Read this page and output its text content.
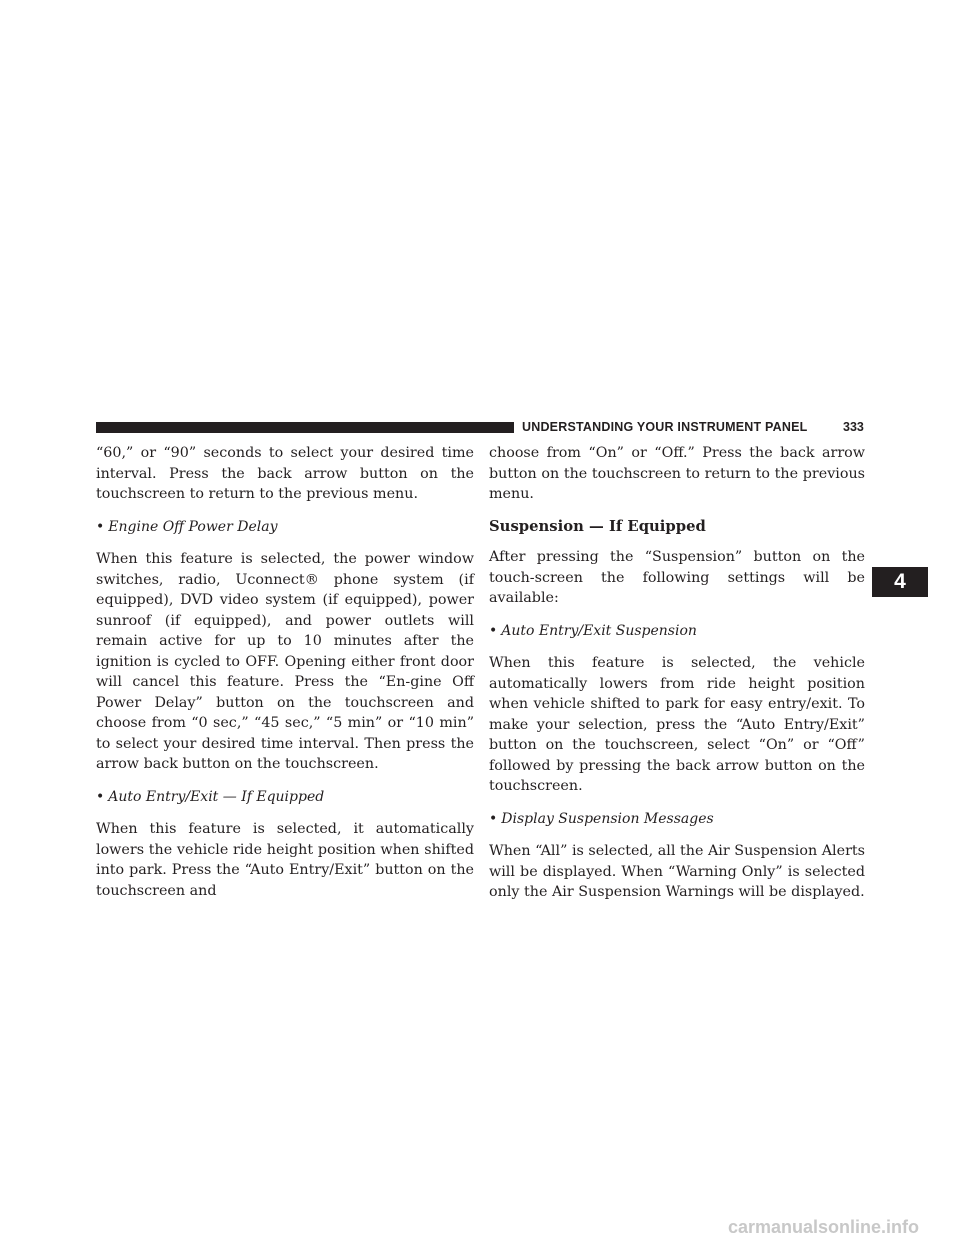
UNDERSTANDING YOUR INSTRUMENT PANEL	333

“60,” or “90” seconds to select your desired time interval. Press the back arrow button on the touchscreen to return to the previous menu.

• Engine Off Power Delay

When this feature is selected, the power window switches, radio, Uconnect® phone system (if equipped), DVD video system (if equipped), power sunroof (if equipped), and power outlets will remain active for up to 10 minutes after the ignition is cycled to OFF. Opening either front door will cancel this feature. Press the “En-gine Off Power Delay” button on the touchscreen and choose from “0 sec,” “45 sec,” “5 min” or “10 min” to select your desired time interval. Then press the arrow back button on the touchscreen.

• Auto Entry/Exit — If Equipped

When this feature is selected, it automatically lowers the vehicle ride height position when shifted into park. Press the “Auto Entry/Exit” button on the touchscreen and

choose from “On” or “Off.” Press the back arrow button on the touchscreen to return to the previous menu.

Suspension — If Equipped

After pressing the “Suspension” button on the touch-screen the following settings will be available:

• Auto Entry/Exit Suspension

When this feature is selected, the vehicle automatically lowers from ride height position when vehicle shifted to park for easy entry/exit. To make your selection, press the “Auto Entry/Exit” button on the touchscreen, select “On” or “Off” followed by pressing the back arrow button on the touchscreen.

• Display Suspension Messages

When “All” is selected, all the Air Suspension Alerts will be displayed. When “Warning Only” is selected only the Air Suspension Warnings will be displayed.

4
carmanualsonline.info
